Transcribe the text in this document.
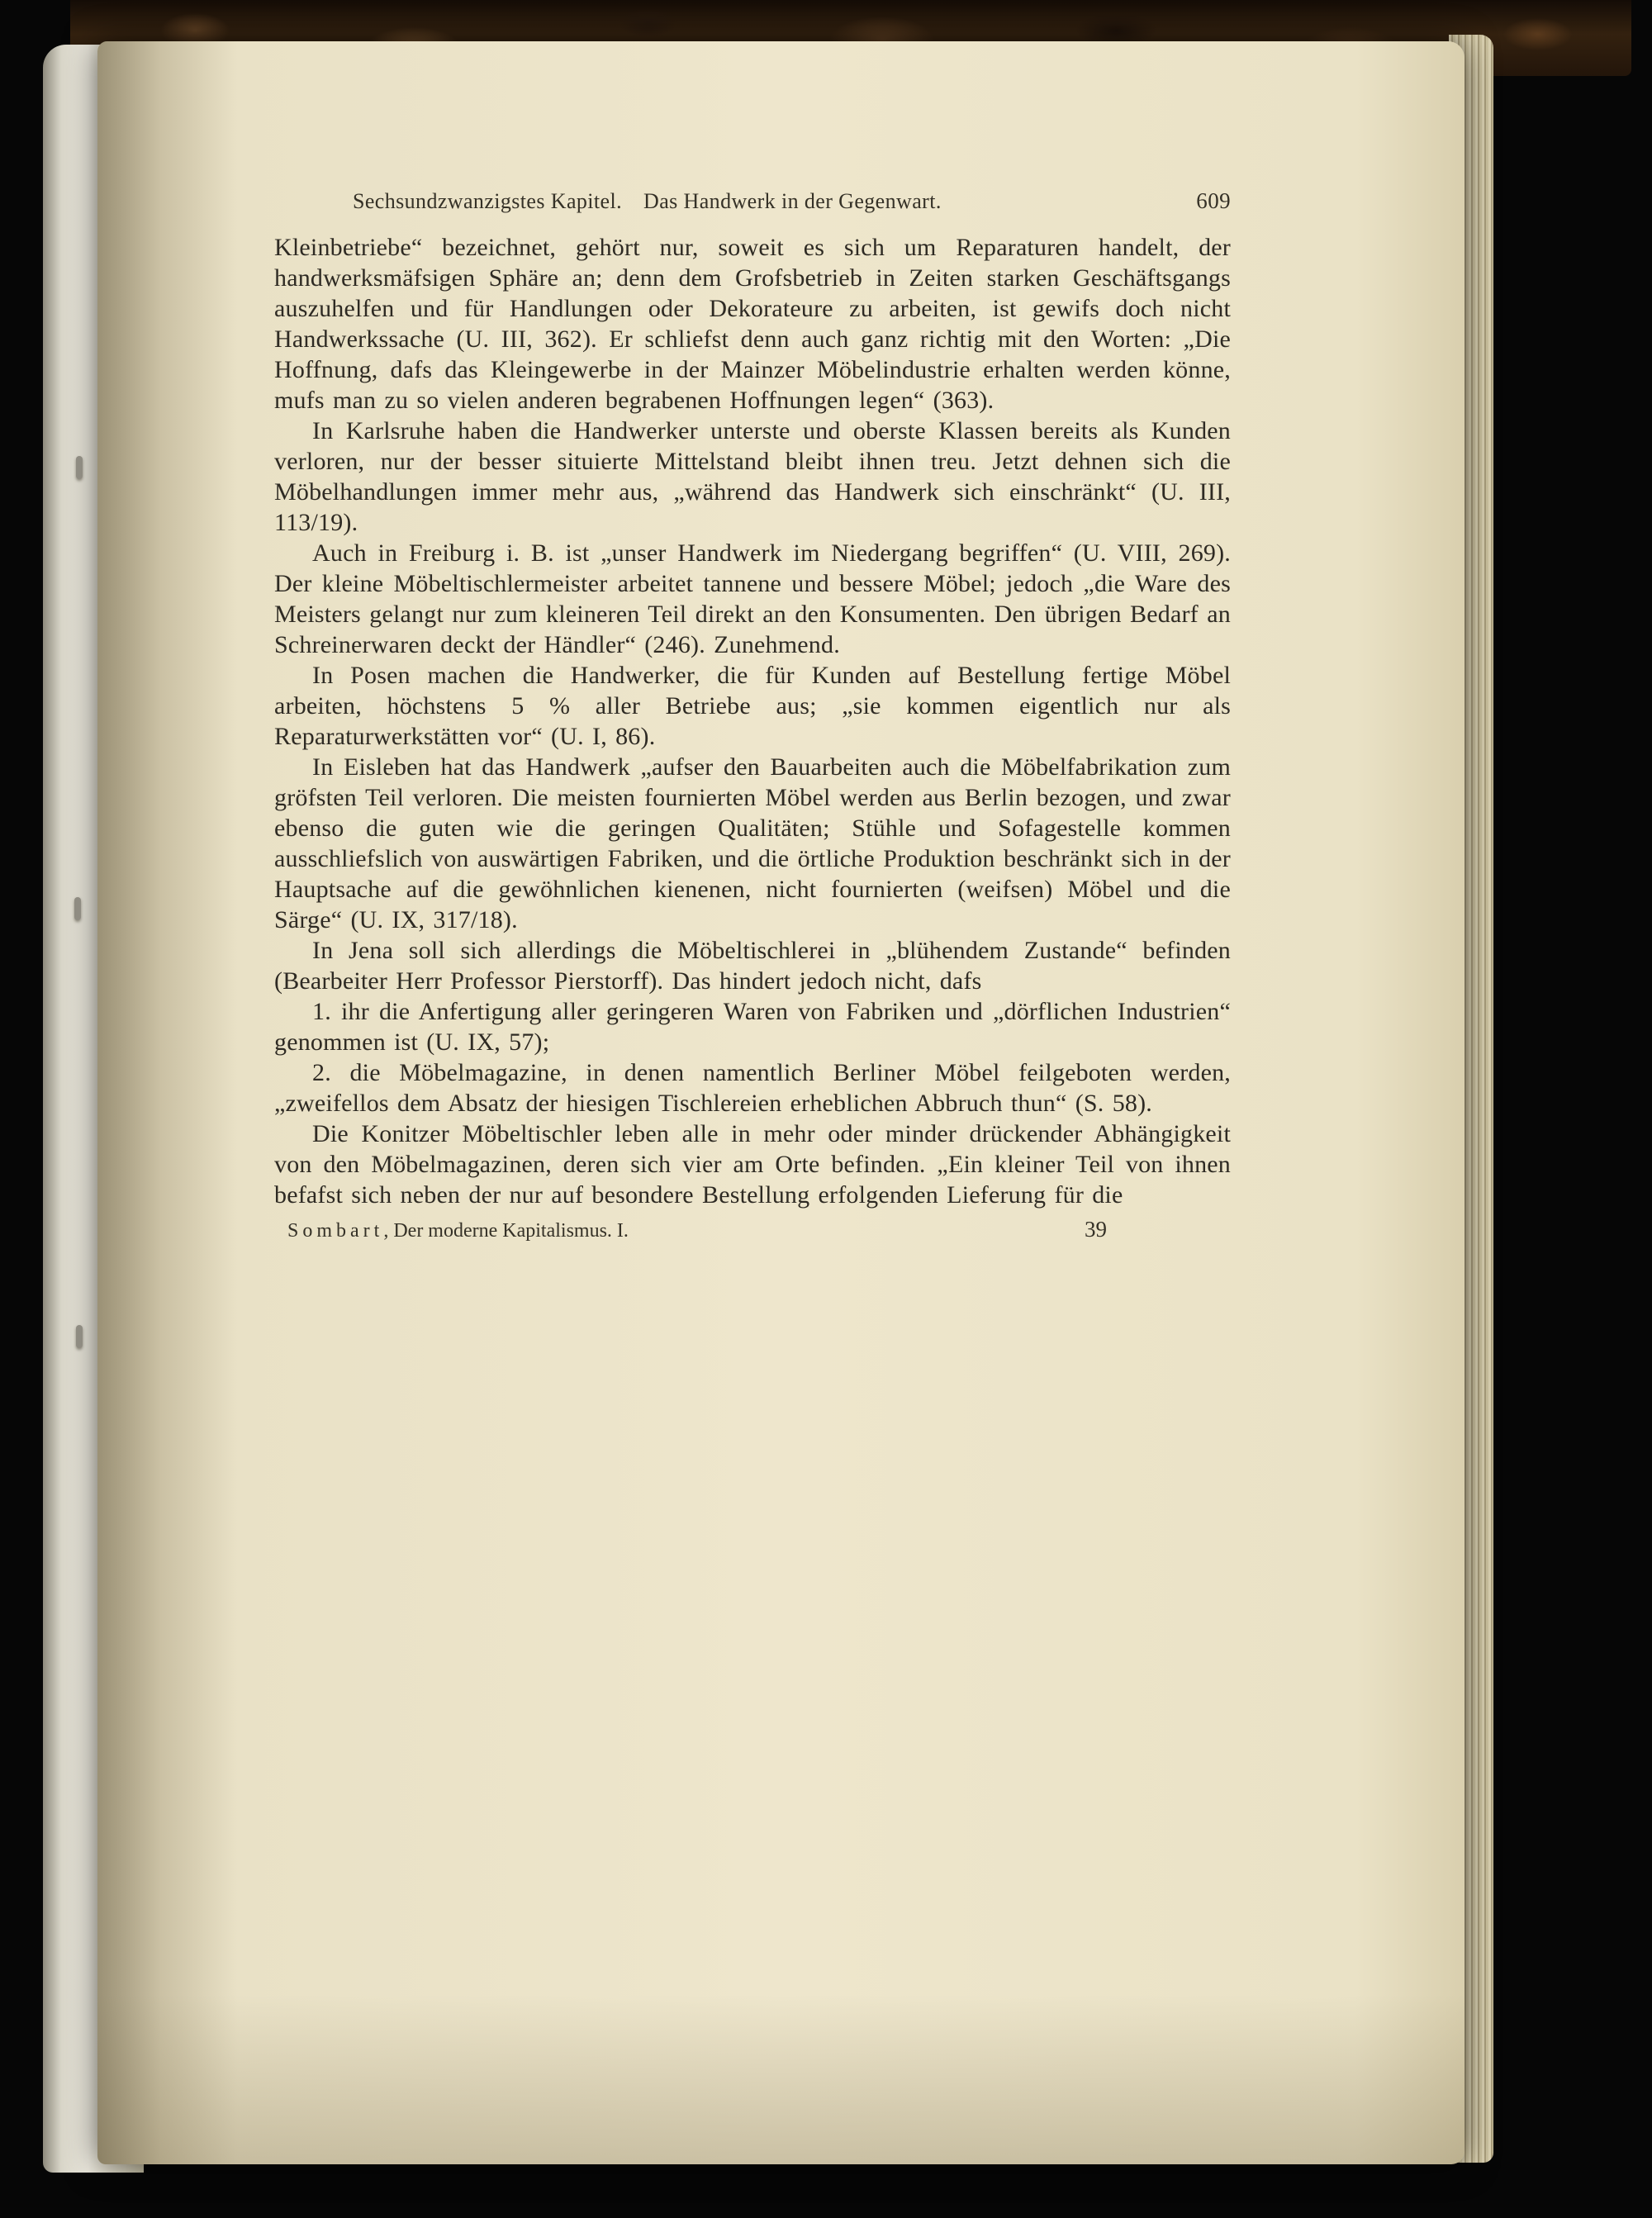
Sechsundzwanzigstes Kapitel. Das Handwerk in der Gegenwart.	609

Kleinbetriebe“ bezeichnet, gehört nur, soweit es sich um Reparaturen handelt, der handwerksmäfsigen Sphäre an; denn dem Grofsbetrieb in Zeiten starken Geschäftsgangs auszuhelfen und für Handlungen oder Dekorateure zu arbeiten, ist gewifs doch nicht Handwerkssache (U. III, 362). Er schliefst denn auch ganz richtig mit den Worten: „Die Hoffnung, dafs das Kleingewerbe in der Mainzer Möbelindustrie erhalten werden könne, mufs man zu so vielen anderen begrabenen Hoffnungen legen“ (363).

In Karlsruhe haben die Handwerker unterste und oberste Klassen bereits als Kunden verloren, nur der besser situierte Mittelstand bleibt ihnen treu. Jetzt dehnen sich die Möbelhandlungen immer mehr aus, „während das Handwerk sich einschränkt“ (U. III, 113/19).

Auch in Freiburg i. B. ist „unser Handwerk im Niedergang begriffen“ (U. VIII, 269). Der kleine Möbeltischlermeister arbeitet tannene und bessere Möbel; jedoch „die Ware des Meisters gelangt nur zum kleineren Teil direkt an den Konsumenten. Den übrigen Bedarf an Schreinerwaren deckt der Händler“ (246). Zunehmend.

In Posen machen die Handwerker, die für Kunden auf Bestellung fertige Möbel arbeiten, höchstens 5 % aller Betriebe aus; „sie kommen eigentlich nur als Reparaturwerkstätten vor“ (U. I, 86).

In Eisleben hat das Handwerk „aufser den Bauarbeiten auch die Möbelfabrikation zum gröfsten Teil verloren. Die meisten fournierten Möbel werden aus Berlin bezogen, und zwar ebenso die guten wie die geringen Qualitäten; Stühle und Sofagestelle kommen ausschliefslich von auswärtigen Fabriken, und die örtliche Produktion beschränkt sich in der Hauptsache auf die gewöhnlichen kienenen, nicht fournierten (weifsen) Möbel und die Särge“ (U. IX, 317/18).

In Jena soll sich allerdings die Möbeltischlerei in „blühendem Zustande“ befinden (Bearbeiter Herr Professor Pierstorff). Das hindert jedoch nicht, dafs

1. ihr die Anfertigung aller geringeren Waren von Fabriken und „dörflichen Industrien“ genommen ist (U. IX, 57);

2. die Möbelmagazine, in denen namentlich Berliner Möbel feilgeboten werden, „zweifellos dem Absatz der hiesigen Tischlereien erheblichen Abbruch thun“ (S. 58).

Die Konitzer Möbeltischler leben alle in mehr oder minder drückender Abhängigkeit von den Möbelmagazinen, deren sich vier am Orte befinden. „Ein kleiner Teil von ihnen befafst sich neben der nur auf besondere Bestellung erfolgenden Lieferung für die

Sombart, Der moderne Kapitalismus. I.	39
